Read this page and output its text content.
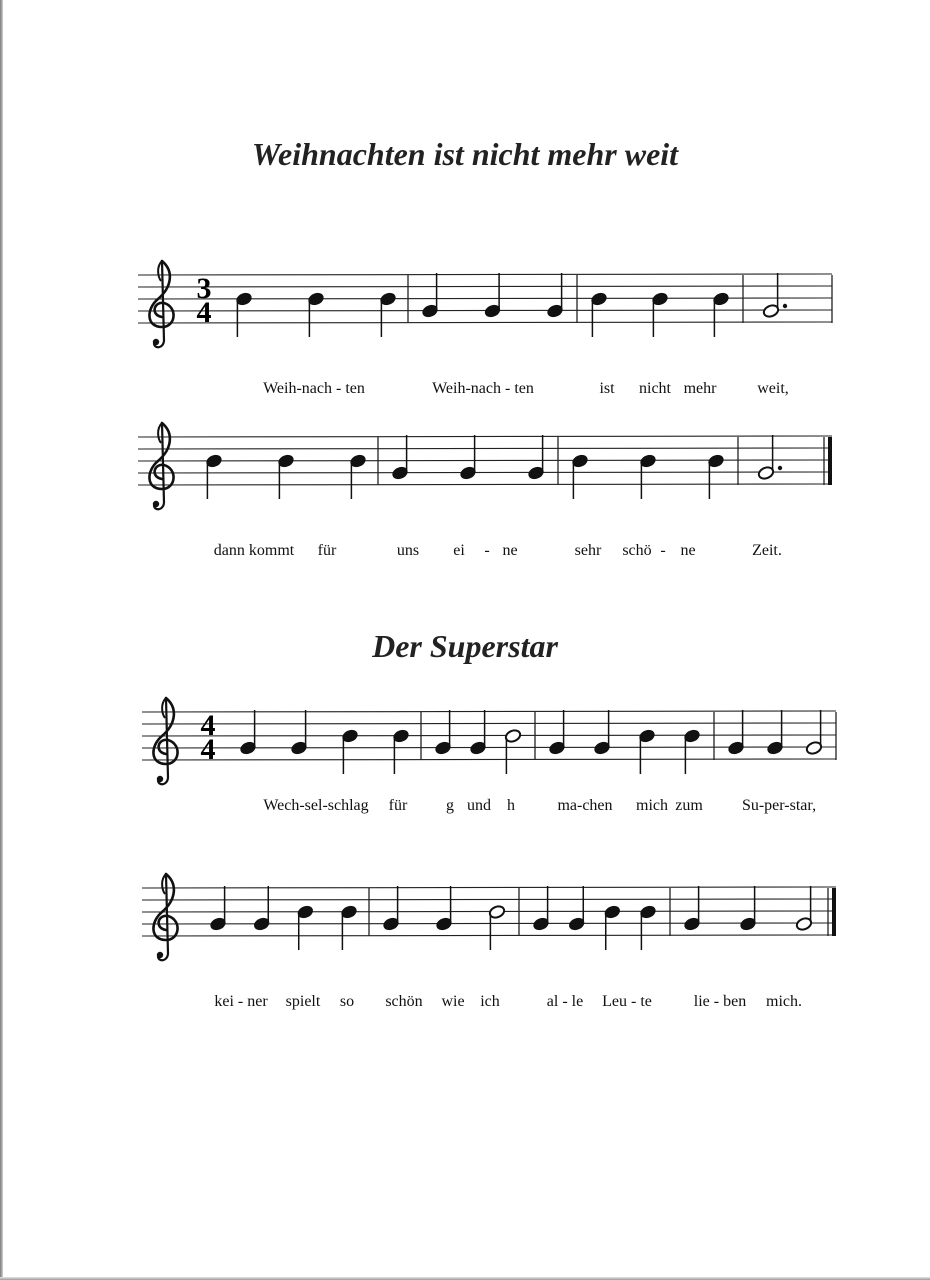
Weihnachten ist nicht mehr weit
Der Superstar
3
4
Weih-nach - ten	Weih-nach - ten	ist nicht mehr	weit,
dann kommt für	uns ei - ne	sehr schö - ne	Zeit.
4
4
Wech-sel-schlag für g und h	ma-chen mich zum Su-per-star,
kei - ner spielt so schön wie ich	al - le Leu - te	lie - ben mich.
